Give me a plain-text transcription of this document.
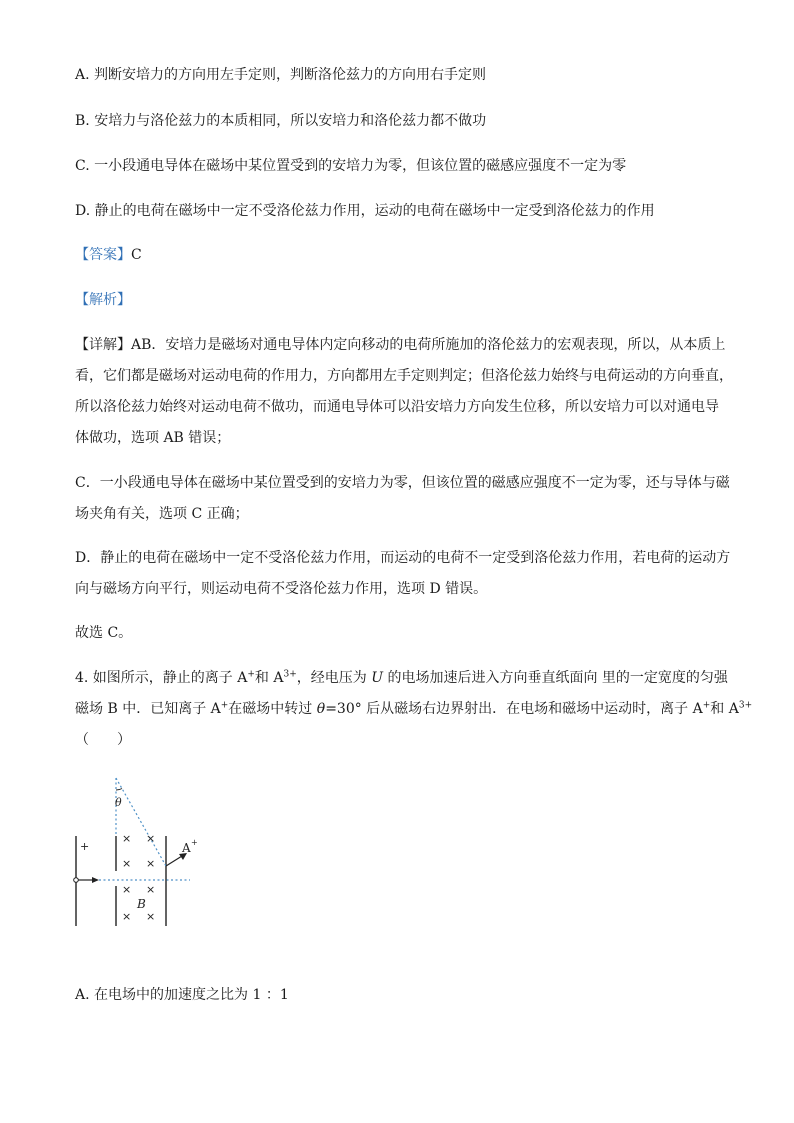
A. 判断安培力的方向用左手定则，判断洛伦兹力的方向用右手定则
B. 安培力与洛伦兹力的本质相同，所以安培力和洛伦兹力都不做功
C. 一小段通电导体在磁场中某位置受到的安培力为零，但该位置的磁感应强度不一定为零
D. 静止的电荷在磁场中一定不受洛伦兹力作用，运动的电荷在磁场中一定受到洛伦兹力的作用
【答案】C
【解析】
【详解】AB．安培力是磁场对通电导体内定向移动的电荷所施加的洛伦兹力的宏观表现，所以，从本质上
看，它们都是磁场对运动电荷的作用力，方向都用左手定则判定；但洛伦兹力始终与电荷运动的方向垂直，
所以洛伦兹力始终对运动电荷不做功，而通电导体可以沿安培力方向发生位移，所以安培力可以对通电导
体做功，选项 AB 错误；
C．一小段通电导体在磁场中某位置受到的安培力为零，但该位置的磁感应强度不一定为零，还与导体与磁
场夹角有关，选项 C 正确；
D．静止的电荷在磁场中一定不受洛伦兹力作用，而运动的电荷不一定受到洛伦兹力作用，若电荷的运动方
向与磁场方向平行，则运动电荷不受洛伦兹力作用，选项 D 错误。
故选 C。
4. 如图所示，静止的离子 A+和 $A^{3+}$，经电压为 U 的电场加速后进入方向垂直纸面向 里的一定宽度的匀强
磁场 B 中．已知离子 A+在磁场中转过 θ=30° 后从磁场右边界射出．在电场和磁场中运动时，离子 A+和 $A^{3+}$
（　　）
+
θ
× ×
× ×
× ×
× ×
B
A +
A. 在电场中的加速度之比为 1 ：1
